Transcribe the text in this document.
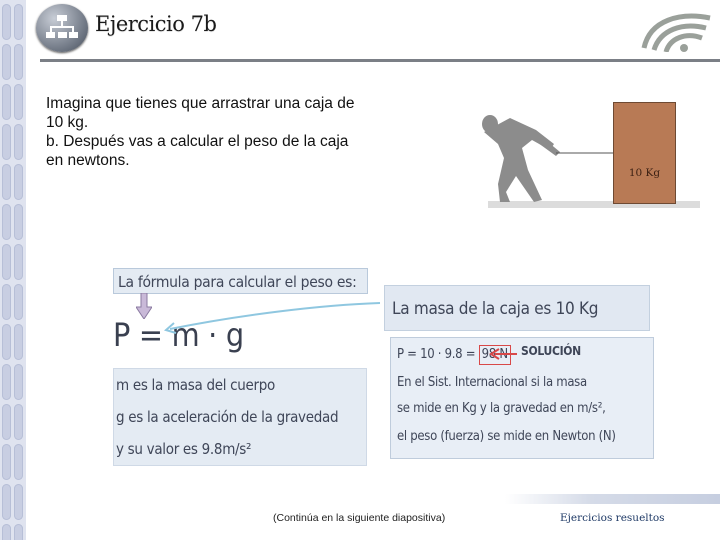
Ejercicio 7b
Imagina que tienes que arrastrar una caja de
10 kg.
b. Después vas a calcular el peso de la caja
en newtons.
10 Kg
La fórmula para calcular el peso es:
P = m · g
m es la masa del cuerpo
g es la aceleración de la gravedad
y su valor es 9.8m/s²
La masa de la caja es 10 Kg
P = 10 · 9.8 = 98 N SOLUCIÓN
En el Sist. Internacional si la masa
se mide en Kg y la gravedad en m/s²,
el peso (fuerza) se mide en Newton (N)
(Continúa en la siguiente diapositiva)	Ejercicios resueltos
